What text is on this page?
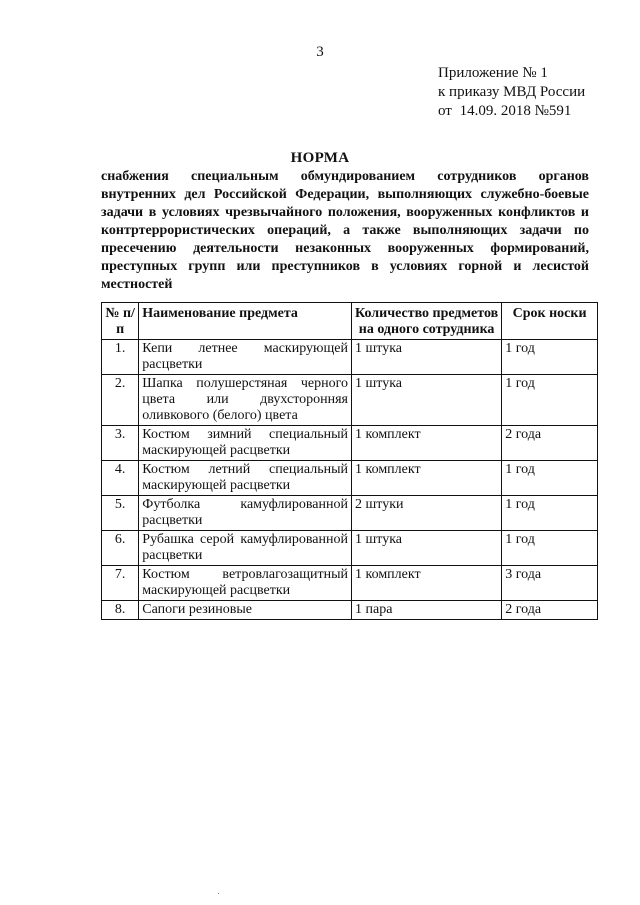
3
Приложение № 1
к приказу МВД России
от 14.09. 2018 №591
НОРМА
снабжения специальным обмундированием сотрудников органов внутренних дел Российской Федерации, выполняющих служебно-боевые задачи в условиях чрезвычайного положения, вооруженных конфликтов и контртеррористических операций, а также выполняющих задачи по пресечению деятельности незаконных вооруженных формирований, преступных групп или преступников в условиях горной и лесистой местностей
№ п/п	Наименование предмета	Количество предметов на одного сотрудника	Срок носки
1.	Кепи летнее маскирующей расцветки	1 штука	1 год
2.	Шапка полушерстяная черного цвета или двухсторонняя оливкового (белого) цвета	1 штука	1 год
3.	Костюм зимний специальный маскирующей расцветки	1 комплект	2 года
4.	Костюм летний специальный маскирующей расцветки	1 комплект	1 год
5.	Футболка камуфлированной расцветки	2 штуки	1 год
6.	Рубашка серой камуфлированной расцветки	1 штука	1 год
7.	Костюм ветровлагозащитный маскирующей расцветки	1 комплект	3 года
8.	Сапоги резиновые	1 пара	2 года
